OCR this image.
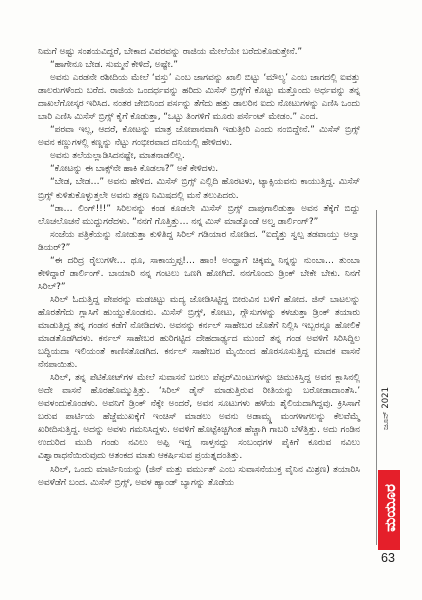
ನಿಮಗೆ ಅಷ್ಟು ಸಂಶಯವಿದ್ದರೆ, ಬೇಕಾದ ವಿವರವನ್ನು ರಾಜಿಯ ಮೇಲೆಯೇ ಬರೆದುಕೊಡುತ್ತೇನೆ.”

“ಹಾಗೇನೂ ಬೇಡ. ಸುಮ್ಮನೆ ಕೇಳಿದೆ, ಅಷ್ಟೇ.”

ಅವನು ಎರಡನೇ ರಶೀದಿಯ ಮೇಲೆ ‘ವಸ್ತು’ ಎಂಬ ಜಾಗವನ್ನು ಖಾಲಿ ಬಿಟ್ಟು ‘ಮೌಲ್ಯ’ ಎಂಬ ಜಾಗದಲ್ಲಿ ಐವತ್ತು ಡಾಲರುಗಳೆಂದು ಬರೆದ. ರಾಜಿಯ ಒಂದರ್ಧವನ್ನು ಹರಿದು ಮಿಸೆಸ್ ಬ್ರಿಗ್ಸ್‌ಗೆ ಕೊಟ್ಟು ಮತ್ತೊಂದು ಅರ್ಧವನ್ನು ತನ್ನ ದಾಖಲೆಗೋಸ್ಕರ ಇರಿಸಿದ. ನಂತರ ಜೇಬಿನಿಂದ ಪರ್ಸನ್ನು ತೆಗೆದು ಹತ್ತು ಡಾಲರಿನ ಐದು ನೋಟುಗಳನ್ನು ಎಣಿಸಿ ಒಂದು ಬಾರಿ ಎಣಿಸಿ ಮಿಸೆಸ್ ಬ್ರಿಗ್ಸ್ ಕೈಗೆ ಕೊಡುತ್ತಾ, “ಒಟ್ಟು ತಿಂಗಳಿಗೆ ಮೂರು ಪರ್ಸೆಂಟ್ ಮೇಡಂ.” ಎಂದ.

“ಪರವಾ ಇಲ್ಲ, ಆದರೆ, ಕೋಟನ್ನು ಮಾತ್ರ ಜೋಪಾನವಾಗಿ ಇಡುತ್ತೀರಿ ಎಂದು ನಂಬಿದ್ದೇನೆ.” ಮಿಸೆಸ್ ಬ್ರಿಗ್ಸ್ ಅವನ ಕಣ್ಣುಗಳಲ್ಲಿ ಕಣ್ಣನ್ನು ನೆಟ್ಟು ಗಂಭೀರವಾದ ದನಿಯಲ್ಲಿ ಹೇಳಿದಳು.

ಅವನು ತಲೆಯಲ್ಲಾಡಿಸಿದನಷ್ಟೇ, ಮಾತನಾಡಲಿಲ್ಲ.

“ಕೋಟನ್ನು ಈ ಬಾಕ್ಸ್‌ನೇ ಹಾಕಿ ಕೊಡಲಾ?” ಅಕೆ ಕೇಳಿದಳು.

“ಬೇಡ, ಬೇಡ…” ಅವನು ಹೇಳಿದ. ಮಿಸೆಸ್ ಬ್ರಿಗ್ಸ್ ಎಲ್ಲಿದಿ ಹೊರಟಳು, ಟ್ಯಾಕ್ಸಿಯವನು ಕಾಯುತ್ತಿದ್ದ. ಮಿಸೆಸ್ ಬ್ರಿಗ್ಸ್ ಕುಳಿತುಕೊಳ್ಳುತ್ತಲೇ ಅವನು ತಕ್ಷಣ ನಿಮಿಷದಲ್ಲಿ ಮನೆ ತಲುಪಿದರು.

“ಡಾ… ಲಿಂಗ್!!!” ಸಿರಿಲನನ್ನು ಕಂಡ ಕೂಡಲೇ ಮಿಸೆಸ್ ಬ್ರಿಗ್ಸ್ ದಾಪುಗಾಲಿಡುತ್ತಾ ಅವನ ತೆಕ್ಕೆಗೆ ಬಿದ್ದು ಲೊಚಲೊಚನೆ ಮುದ್ದುಗರೆದಳು. “ನನಗೆ ಗೊತ್ತಿತ್ತು… ನನ್ನ ಮಿಸ್ ಮಾಡ್ಕೊಂಡೆ ಅಲ್ವ ಡಾರ್ಲಿಂಗ್?”

ಸಂಜೆಯ ಪತ್ರಿಕೆಯನ್ನು ನೋಡುತ್ತಾ ಕುಳಿತಿದ್ದ ಸಿರಿಲ್ ಗಡಿಯಾರ ನೋಡಿದ. “ಐದೈತ್ತು ಸ್ವಲ್ಪ ತಡವಾಯ್ತು ಅಲ್ವಾ ಡಿಯರ್?”

“ಈ ದರಿದ್ರ ರೈಲುಗಳೇ… ಥೂ, ಸಾಕಾಯ್ತಪ್ಪ!… ಹಾಂ! ಅಂದ್ಹಾಗೆ ಚಿಕ್ಕಮ್ಮ ನಿನ್ನನ್ನು ನುಂಬಾ… ತುಂಬಾ ಕೇಳಿದ್ದಾರೆ ಡಾರ್ಲಿಂಗ್. ಬಾಯಾರಿ ನನ್ನ ಗಂಟಲು ಒಣಗಿ ಹೋಗಿದೆ. ನನಗೊಂದು ಡ್ರಿಂಕ್ ಬೇಕೇ ಬೇಕು. ನಿನಗೆ ಸಿರಿಲ್?”

ಸಿರಿಲ್ ಓದುತ್ತಿದ್ದ ಪೇಪರನ್ನು ಮಡಚಿಟ್ಟು ಮದ್ಯ ಜೋಡಿಸಿಟ್ಟಿದ್ದ ಬೀರುವಿನ ಬಳಿಗೆ ಹೋದ. ಜಿನ್ ಬಾಟಲನ್ನು ಹೊರತೆಗೆದು ಗ್ಲಾಸಿಗೆ ಹುಯ್ದುಕೊಂಡನು. ಮಿಸೆಸ್ ಬ್ರಿಗ್ಸ್, ಕೋಟು, ಗ್ಲೌಸುಗಳನ್ನು ಕಳಚುತ್ತಾ ಡ್ರಿಂಕ್ ತಯಾರು ಮಾಡುತ್ತಿದ್ದ ತನ್ನ ಗಂಡನ ಕಡೆಗೆ ನೋಡಿದಳು. ಅವನನ್ನು ಕರ್ನಲ್ ಸಾಹೇಬರ ಜೊತೆಗೆ ನಿಲ್ಲಿಸಿ ಇಬ್ಬರನ್ನೂ ಹೋಲಿಕೆ ಮಾಡತೊಡಗಿದಳು. ಕರ್ನಲ್ ಸಾಹೇಬರ ಹುರಿಗಟ್ಟಿದ ದೇಹದಾರ್ಢ್ಯದ ಮುಂದೆ ತನ್ನ ಗಂಡ ಅವಳಿಗೆ ಸಿರಿಸಿದ್ದಿಲ ಬದ್ಧಿಯದಾ ಇಲಿಯಂತೆ ಕಾಣಿಸತೊಡಗಿದ. ಕರ್ನಲ್ ಸಾಹೇಬರ ಮೈಯಿಂದ ಹೊರಸೂಸುತ್ತಿದ್ದ ಮಾದಕ ವಾಸನೆ ನೆನಪಾಯಿತು.

ಸಿರಿಲ್, ತನ್ನ ಪೆಟಿಕೋಟ್‌ಗಳ ಮೇಲೆ ಸುವಾಸನೆ ಬರಲು ಪೆಪ್ಪರ್‌ಮಿಂಟುಗಳನ್ನು ಚಿಮುಕಿಸ್ತಿದ್ದ ಅವನ ಕ್ಲಾಸಿನಲ್ಲಿ ಅದೇ ವಾಸನೆ ಹೊರಹೊಮ್ಮುತ್ತಿತ್ತು. ‘ಸಿರಿಲ್ ಡೈನ್ ಮಾಡುತ್ತಿರುವ ರೀತಿಯನ್ನು ಬರೋಡಾದಾಂತೆಸಿ.’ ಅವಳಂದುಕೊಂಡಳು. ಅವನಿಗೆ ಡ್ರಿಂಕ್ ನೆಕ್ಕೇ ಅಂದರೆ, ಅವನ ಸೂಟುಗಳು ಹಳೆಯ ಶೈಲಿಯದಾಗಿದ್ದವು. ಕ್ರಿಸಿಸಾಗೆ ಬರುವ ಪಾರ್ಟಿಯ ಹೆಜ್ಜೆಮುಖಕ್ಕೆಗೆ ಇಂಚಿಸ್ ಮಾಡಲು ಅವನು ಅಡಾಮ್ಸ್ಡ ಮಂಗಳಾಗಲನ್ನು ಕೆಲವೆಮ್ಮೆ ಖರೀದಿಸುತ್ತಿದ್ದ. ಅದನ್ನು ಅವಳು ಗಮನಿಸಿದ್ದಳು. ಅವಳಿಗೆ ಹೊಟ್ಟೆಕಿಚ್ಚಿಗಿಂತ ಹೆಚ್ಚಾಗಿ ಗಾಬರಿ ಬೆಳೆತ್ತಿತ್ತು. ಅದು ಗಂಡಿನ ಉದುರಿದ ಮುದಿ ಗಂಡು ನವಿಲು ಅಪ್ಪಿ ಇದ್ದ ನಾಳ್ತನದ್ದು ಸಂಬಂಧಗಳ ಪೈಕಿಗೆ ಕೂರುವ ನವಿಲು ವಿಶ್ವಾರಾಧನೆಯಿರುವುದು ಆತಂಕದ ಮಾತು ಆಕರ್ಷಿಸುವ ಪ್ರಯತ್ನದಂತಿತ್ತು.

ಸಿರಿಲ್, ಒಂದು ಮಾರ್ಟಿನಿಯನ್ನು (ಜಿನ್ ಮತ್ತು ವರ್ಮುತ್ ಎಂಬ ಸುವಾಸನೆಯುಕ್ತ ವೈನಿನ ಮಿಶ್ರಣ) ತಯಾರಿಸಿ ಅವಳೆಡೆಗೆ ಬಂದ. ಮಿಸೆಸ್ ಬ್ರಿಗ್ಸ್, ಅವಳ ಹ್ಯಾಂಡ್ ಬ್ಯಾಗನ್ನು ತೊಡೆಯ

ಜೂನ್ 2021
ಮಯೂರ
63
